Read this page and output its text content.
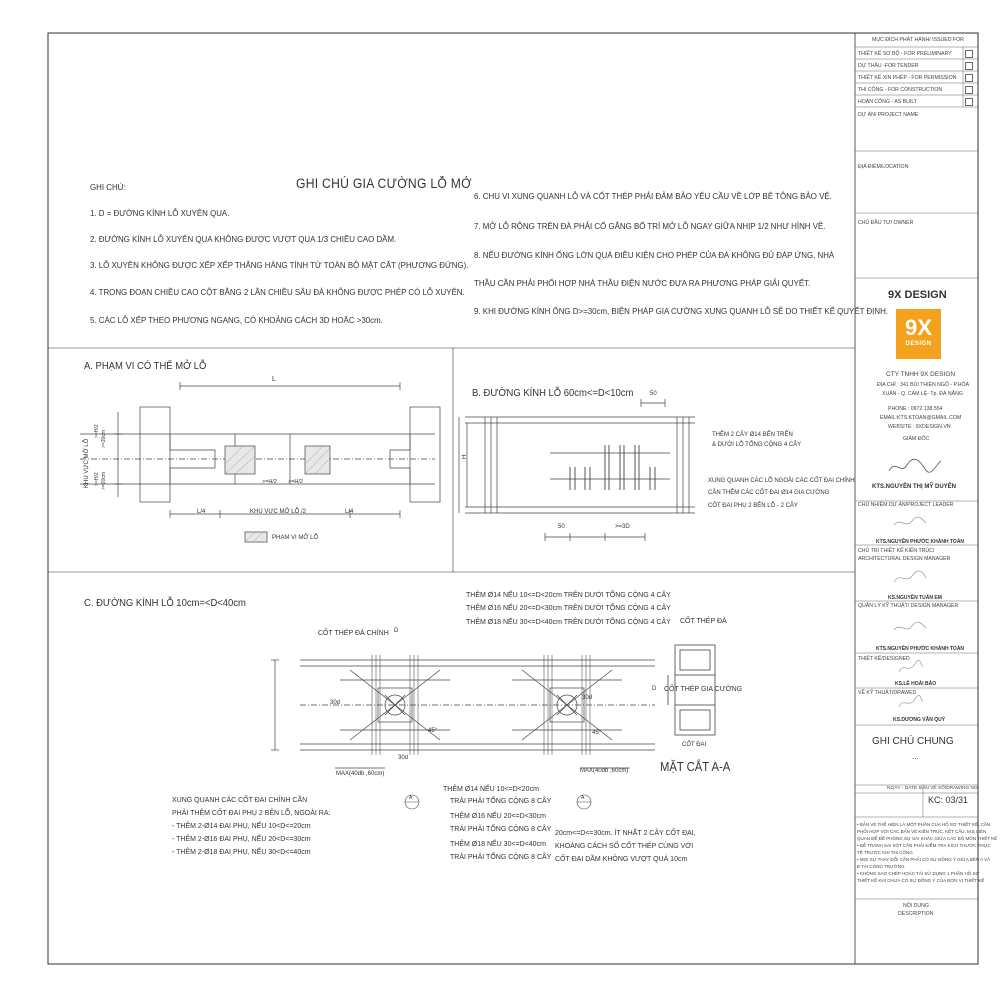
GHI CHÚ GIA CƯỜNG LỖ MỞ
GHI CHÚ:
1. D = ĐƯỜNG KÍNH LỖ XUYÊN QUA.
2. ĐƯỜNG KÍNH LỖ XUYÊN QUA KHÔNG ĐƯỢC VƯỢT QUA 1/3 CHIỀU CAO DẦM.
3. LỖ XUYÊN KHÔNG ĐƯỢC XẾP XẾP THẲNG HÀNG TÍNH TỪ TOÀN BỘ MẶT CẮT (PHƯƠNG ĐỨNG).
4. TRONG ĐOẠN CHIỀU CAO CỘT BẰNG 2 LẦN CHIỀU SÂU ĐÀ KHÔNG ĐƯỢC PHÉP CÓ LỖ XUYÊN.
5. CÁC LỖ XẾP THEO PHƯƠNG NGANG, CÓ KHOẢNG CÁCH 3D HOẶC >30cm.
6. CHU VI XUNG QUANH LỖ VÀ CỐT THÉP PHẢI ĐẢM BẢO YÊU CẦU VỀ LỚP BÊ TÔNG BẢO VỆ.
7. MỞ LỖ RỘNG TRÊN ĐÀ PHẢI CỐ GẮNG BỐ TRÍ MỞ LỖ NGAY GIỮA NHỊP 1/2 NHƯ HÌNH VẼ.
8. NẾU ĐƯỜNG KÍNH ỐNG LỚN QUÁ ĐIỀU KIỆN CHO PHÉP CỦA ĐÀ KHÔNG ĐỦ ĐÁP ỨNG, NHÀ
THẦU CẦN PHẢI PHỐI HỢP NHÀ THẦU ĐIỆN NƯỚC ĐƯA RA PHƯƠNG PHÁP GIẢI QUYẾT.
9. KHI ĐƯỜNG KÍNH ỐNG D>=30cm, BIỆN PHÁP GIA CƯỜNG XUNG QUANH LỖ SẼ DO THIẾT KẾ QUYẾT ĐỊNH.
A. PHẠM VI CÓ THỂ MỞ LỖ
L
KHU VỰC MỞ LỖ
>=H/2 >=20cm
>=H/2 >=20cm	>=H/2 >=H/2
L/4	KHU VỰC MỞ LỖ /2	L/4
PHẠM VI MỞ LỖ
B. ĐƯỜNG KÍNH LỖ 60cm<=D<10cm	50
H
THÊM 2 CÂY Ø14 BÊN TRÊN
& DƯỚI LỖ TỔNG CỘNG 4 CÂY
XUNG QUANH CÁC LỖ NGOÀI CÁC CỐT ĐAI CHÍNH
CẦN THÊM CÁC CỐT ĐAI Ø14 GIA CƯỜNG
CỐT ĐAI PHỤ 2 BÊN LỖ - 2 CÂY
50	>=3D
C. ĐƯỜNG KÍNH LỖ 10cm=<D<40cm
THÊM Ø14 NẾU 10<=D<20cm TRÊN DƯỚI TỔNG CỘNG 4 CÂY
THÊM Ø16 NẾU 20<=D<30cm TRÊN DƯỚI TỔNG CỘNG 4 CÂY
THÊM Ø18 NẾU 30<=D<40cm TRÊN DƯỚI TỔNG CỘNG 4 CÂY
CỐT THÉP ĐÀ CHÍNH D
30d
30d
30d
45°	45°
MAX(40db ,60cm)	MAX(40db ,60cm)
CỐT THÉP ĐÀ
CỐT THÉP GIA CƯỜNG
CỐT ĐAI
D
MẶT CẮT A-A
A	A
XUNG QUANH CÁC CỐT ĐAI CHÍNH CẦN
PHẢI THÊM CỐT ĐAI PHỤ 2 BÊN LỖ, NGOÀI RA:
- THÊM 2-Ø14 ĐAI PHỤ, NẾU 10<D<=20cm
- THÊM 2-Ø16 ĐAI PHỤ, NẾU 20<D<=30cm
- THÊM 2-Ø18 ĐAI PHỤ, NẾU 30<D<=40cm
THÊM Ø14 NẾU 10<=D<20cm
TRÁI PHẢI TỔNG CỘNG 8 CÂY
THÊM Ø16 NẾU 20<=D<30cm
TRÁI PHẢI TỔNG CỘNG 8 CÂY
THÊM Ø18 NẾU 30<=D<40cm
TRÁI PHẢI TỔNG CỘNG 8 CÂY
20cm<=D<=30cm. ÍT NHẤT 2 CÂY CỐT ĐAI,
KHOẢNG CÁCH SỐ CỐT THÉP CÙNG VỚI
CỐT ĐAI DẦM KHÔNG VƯỢT QUÁ 10cm
MỤC ĐÍCH PHÁT HÀNH/ ISSUED FOR
THIẾT KẾ SƠ BỘ - FOR PRELIMINARY
DỰ THẦU -FOR TENDER
THIẾT KẾ XIN PHÉP - FOR PERMISSION
THI CÔNG - FOR CONSTRUCTION
HOÀN CÔNG - AS BUILT
DỰ ÁN/ PROJECT NAME:
ĐỊA ĐIỂM/LOCATION
CHỦ ĐẦU TƯ/ OWNER
9X DESIGN
9X
DESIGN
CTY TNHH 9X DESIGN
ĐỊA CHỈ : 341 BÙI THIỆN NGỘ - P.HÒA
XUÂN - Q. CẨM LỆ- Tp. ĐÀ NẴNG
PHONE : 0972 138 554
EMAIL:KTS.KTOAN@GMAIL.COM
WEBSITE : 9XDESIGN.VN
GIÁM ĐỐC
KTS.NGUYỄN THỊ MỸ DUYÊN
CHỦ NHIỆM DỰ ÁN/PROJECT LEADER
KTS.NGUYỄN PHƯỚC KHÁNH TOÀN
CHỦ TRÌ THIẾT KẾ KIẾN TRÚC/
ARCHITECTURAL DESIGN MANAGER
KS.NGUYỄN TUẤN EM
QUẢN LÝ KỸ THUẬT/ DESIGN MANAGER
KTS.NGUYỄN PHƯỚC KHÁNH TOÀN
THIẾT KẾ/DESIGNED
KS.LÊ HOÀI BẢO
VẼ KỸ THUẬT/DRAWED
KS.DƯƠNG VĂN QUÝ
GHI CHÚ CHUNG
...
NGÀY - DATE BẢN VẼ SỐ/DRAWING NO
KC: 03/31
• BẢN VẼ THỂ HIỆN LÀ MỘT PHẦN CỦA HỒ SƠ THIẾT KẾ, CẦN
PHỐI HỢP VỚI CÁC BẢN VẼ KIẾN TRÚC, KẾT CẤU, M.E LIÊN
QUAN ĐỂ ĐỀ PHÒNG SỰ SAI KHÁC GIỮA CÁC BỘ MÔN THIẾT KẾ
• ĐỂ TRÁNH SAI SÓT CẦN PHẢI KIỂM TRA KÍCH THƯỚC THỰC
TẾ TRƯỚC KHI THI CÔNG
• MỌI SỰ THAY ĐỔI CẦN PHẢI CÓ SỰ ĐỒNG Ý GIỮA BÊN A VÀ
B TẠI CÔNG TRƯỜNG
• KHÔNG SAO CHÉP HOẶC TÁI SỬ DỤNG 1 PHẦN HỒ SƠ
THIẾT KẾ KHI CHƯA CÓ SỰ ĐỒNG Ý CỦA ĐƠN VỊ THIẾT KẾ
NỘI DUNG
DESCRIPTION
